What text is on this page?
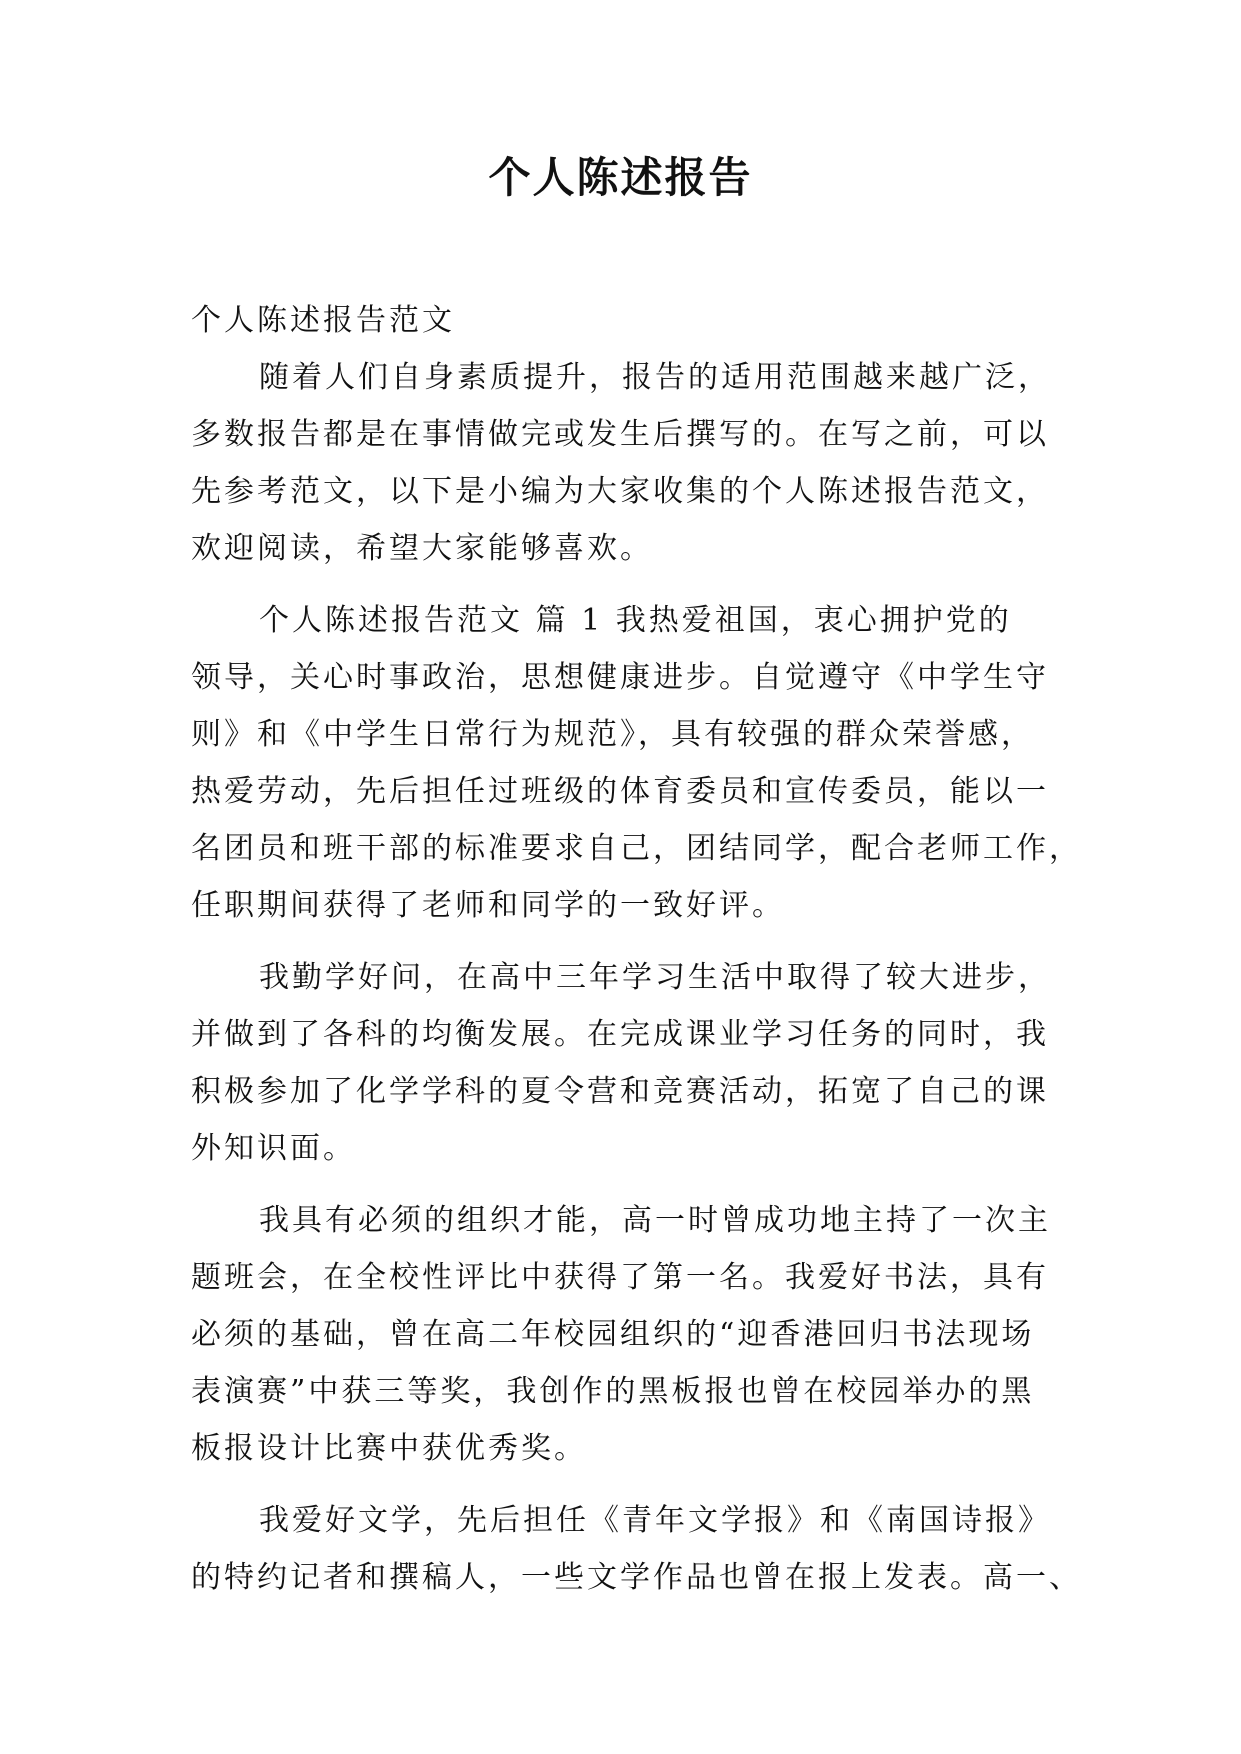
个人陈述报告
个人陈述报告范文
随着人们自身素质提升，报告的适用范围越来越广泛，
多数报告都是在事情做完或发生后撰写的。在写之前，可以
先参考范文，以下是小编为大家收集的个人陈述报告范文，
欢迎阅读，希望大家能够喜欢。
个人陈述报告范文 篇 1 我热爱祖国，衷心拥护党的
领导，关心时事政治，思想健康进步。自觉遵守《中学生守
则》和《中学生日常行为规范》，具有较强的群众荣誉感，
热爱劳动，先后担任过班级的体育委员和宣传委员，能以一
名团员和班干部的标准要求自己，团结同学，配合老师工作，
任职期间获得了老师和同学的一致好评。
我勤学好问，在高中三年学习生活中取得了较大进步，
并做到了各科的均衡发展。在完成课业学习任务的同时，我
积极参加了化学学科的夏令营和竞赛活动，拓宽了自己的课
外知识面。
我具有必须的组织才能，高一时曾成功地主持了一次主
题班会，在全校性评比中获得了第一名。我爱好书法，具有
必须的基础，曾在高二年校园组织的“迎香港回归书法现场
表演赛”中获三等奖，我创作的黑板报也曾在校园举办的黑
板报设计比赛中获优秀奖。
我爱好文学，先后担任《青年文学报》和《南国诗报》
的特约记者和撰稿人，一些文学作品也曾在报上发表。高一、
